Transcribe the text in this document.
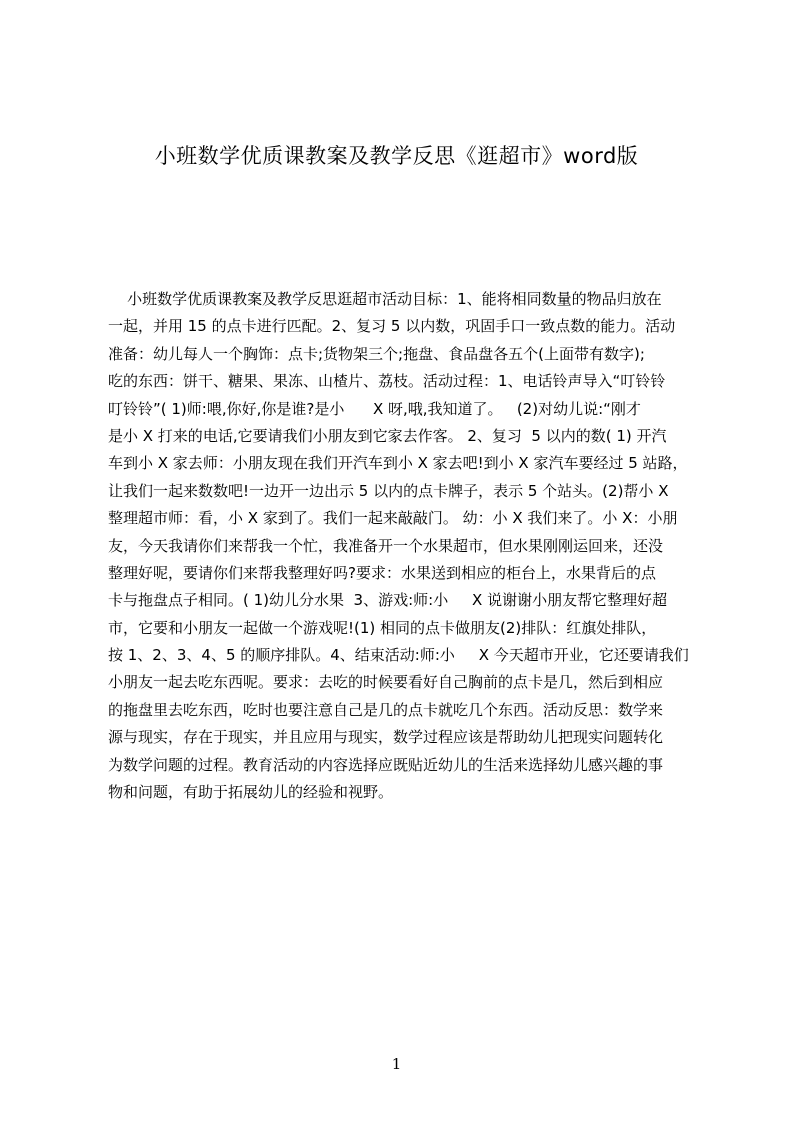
小班数学优质课教案及教学反思《逛超市》word版
小班数学优质课教案及教学反思逛超市活动目标：1、能将相同数量的物品归放在
一起，并用 15 的点卡进行匹配。2、复习 5 以内数，巩固手口一致点数的能力。活动
准备：幼儿每人一个胸饰：点卡;货物架三个;拖盘、食品盘各五个(上面带有数字);
吃的东西：饼干、糖果、果冻、山楂片、荔枝。活动过程：1、电话铃声导入“叮铃铃
叮铃铃”( 1)师:喂,你好,你是谁?是小      X 呀,哦,我知道了。   (2)对幼儿说:“刚才
是小 X 打来的电话,它要请我们小朋友到它家去作客。 2、复习  5 以内的数( 1) 开汽
车到小 X 家去师：小朋友现在我们开汽车到小 X 家去吧!到小 X 家汽车要经过 5 站路，
让我们一起来数数吧!一边开一边出示 5 以内的点卡牌子，表示 5 个站头。(2)帮小 X
整理超市师：看，小 X 家到了。我们一起来敲敲门。 幼：小 X 我们来了。小 X：小朋
友，今天我请你们来帮我一个忙，我准备开一个水果超市，但水果刚刚运回来，还没
整理好呢，要请你们来帮我整理好吗?要求：水果送到相应的柜台上，水果背后的点
卡与拖盘点子相同。( 1)幼儿分水果  3、游戏:师:小     X 说谢谢小朋友帮它整理好超
市，它要和小朋友一起做一个游戏呢!(1) 相同的点卡做朋友(2)排队：红旗处排队，
按 1、2、3、4、5 的顺序排队。4、结束活动:师:小     X 今天超市开业，它还要请我们
小朋友一起去吃东西呢。要求：去吃的时候要看好自己胸前的点卡是几，然后到相应
的拖盘里去吃东西，吃时也要注意自己是几的点卡就吃几个东西。活动反思：数学来
源与现实，存在于现实，并且应用与现实，数学过程应该是帮助幼儿把现实问题转化
为数学问题的过程。教育活动的内容选择应既贴近幼儿的生活来选择幼儿感兴趣的事
物和问题，有助于拓展幼儿的经验和视野。
1
